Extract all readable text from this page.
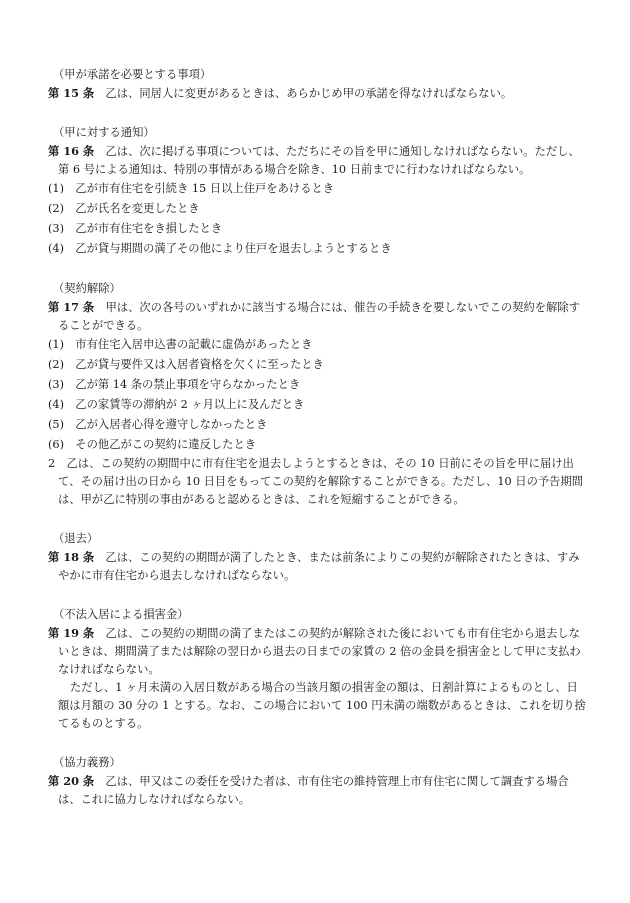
（甲が承諾を必要とする事項）
第 15 条　乙は、同居人に変更があるときは、あらかじめ甲の承諾を得なければならない。
（甲に対する通知）
第 16 条　乙は、次に掲げる事項については、ただちにその旨を甲に通知しなければならない。ただし、第 6 号による通知は、特別の事情がある場合を除き、10 日前までに行わなければならない。
(1)　乙が市有住宅を引続き 15 日以上住戸をあけるとき
(2)　乙が氏名を変更したとき
(3)　乙が市有住宅をき損したとき
(4)　乙が貸与期間の満了その他により住戸を退去しようとするとき
（契約解除）
第 17 条　甲は、次の各号のいずれかに該当する場合には、催告の手続きを要しないでこの契約を解除することができる。
(1)　市有住宅入居申込書の記載に虚偽があったとき
(2)　乙が貸与要件又は入居者資格を欠くに至ったとき
(3)　乙が第 14 条の禁止事項を守らなかったとき
(4)　乙の家賃等の滞納が 2 ヶ月以上に及んだとき
(5)　乙が入居者心得を遵守しなかったとき
(6)　その他乙がこの契約に違反したとき
2　乙は、この契約の期間中に市有住宅を退去しようとするときは、その 10 日前にその旨を甲に届け出て、その届け出の日から 10 日目をもってこの契約を解除することができる。ただし、10 日の予告期間は、甲が乙に特別の事由があると認めるときは、これを短縮することができる。
（退去）
第 18 条　乙は、この契約の期間が満了したとき、または前条によりこの契約が解除されたときは、すみやかに市有住宅から退去しなければならない。
（不法入居による損害金）
第 19 条　乙は、この契約の期間の満了またはこの契約が解除された後においても市有住宅から退去しないときは、期間満了または解除の翌日から退去の日までの家賃の 2 倍の金員を損害金として甲に支払わなければならない。
ただし、1 ヶ月未満の入居日数がある場合の当該月額の損害金の額は、日割計算によるものとし、日額は月額の 30 分の 1 とする。なお、この場合において 100 円未満の端数があるときは、これを切り捨てるものとする。
（協力義務）
第 20 条　乙は、甲又はこの委任を受けた者は、市有住宅の維持管理上市有住宅に関して調査する場合は、これに協力しなければならない。
